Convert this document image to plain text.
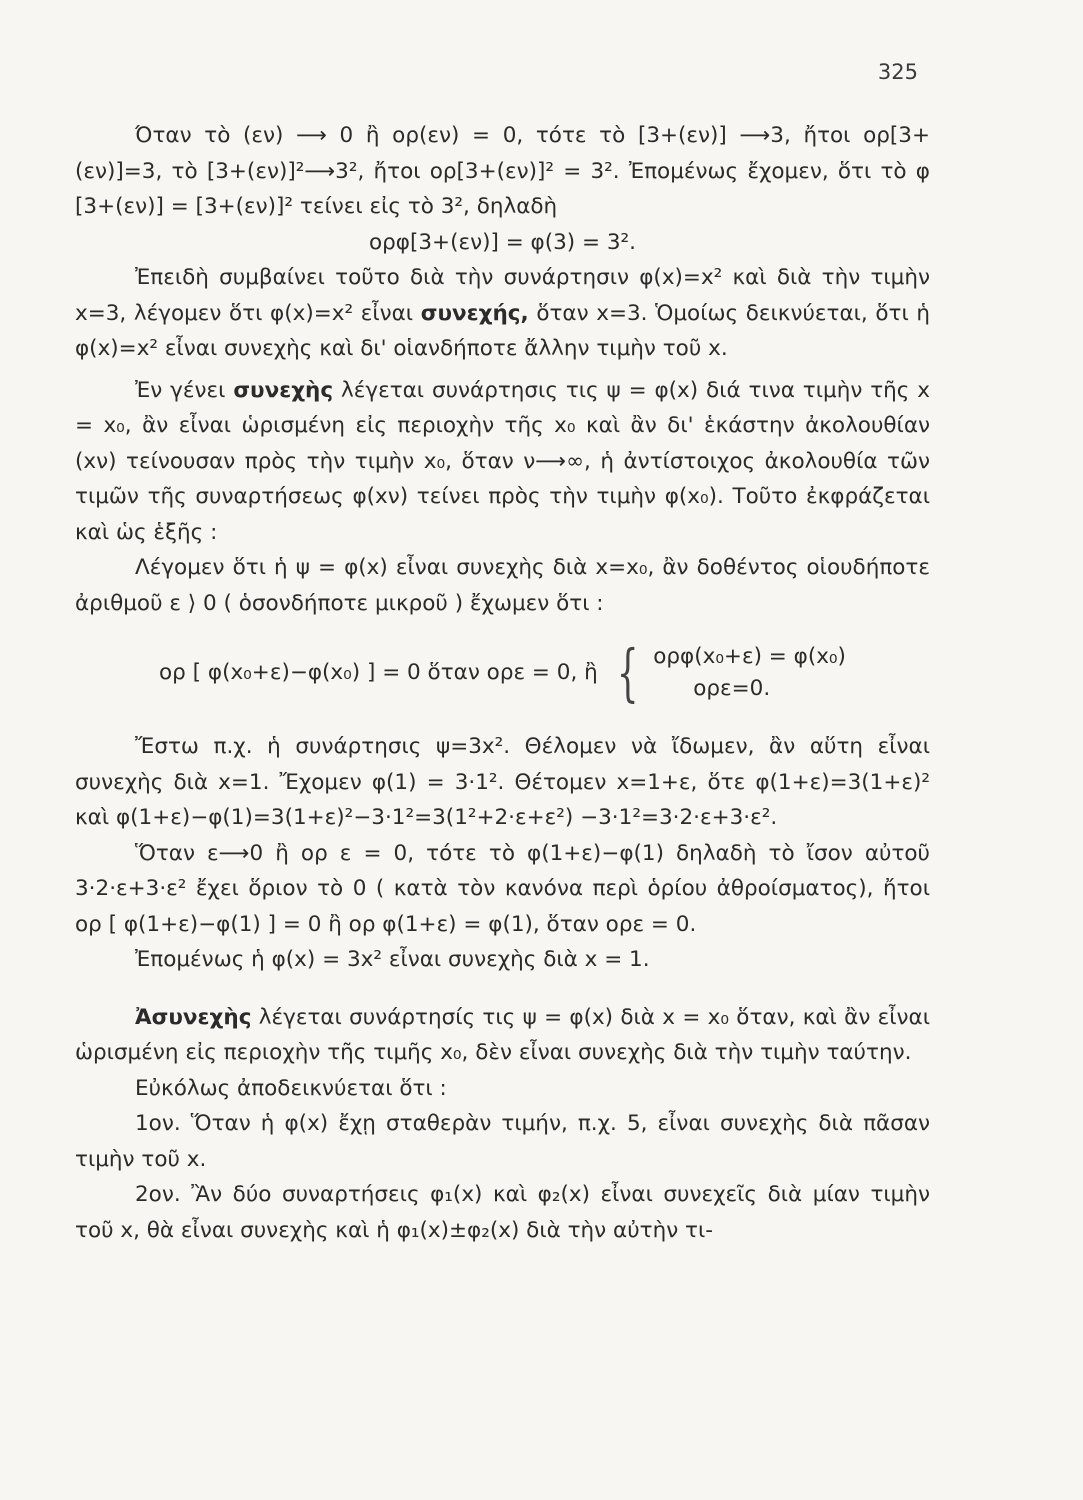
325

Όταν τὸ (εν) ⟶ 0 ἢ ορ(εν) = 0, τότε τὸ [3+(εν)] ⟶3, ἤτοι ορ[3+(εν)]=3, τὸ [3+(εν)]²⟶3², ἤτοι ορ[3+(εν)]² = 3². Ἐπομένως ἔχομεν, ὅτι τὸ φ [3+(εν)] = [3+(εν)]² τείνει εἰς τὸ 3², δηλαδὴ

ορφ[3+(εν)] = φ(3) = 3².

Ἐπειδὴ συμβαίνει τοῦτο διὰ τὴν συνάρτησιν φ(x)=x² καὶ διὰ τὴν τιμὴν x=3, λέγομεν ὅτι φ(x)=x² εἶναι συνεχής, ὅταν x=3. Ὁμοίως δεικνύεται, ὅτι ἡ φ(x)=x² εἶναι συνεχὴς καὶ δι' οἱανδήποτε ἄλλην τιμὴν τοῦ x.

Ἐν γένει συνεχὴς λέγεται συνάρτησις τις ψ = φ(x) διά τινα τιμὴν τῆς x = x₀, ἂν εἶναι ὡρισμένη εἰς περιοχὴν τῆς x₀ καὶ ἂν δι' ἑκάστην ἀκολουθίαν (xν) τείνουσαν πρὸς τὴν τιμὴν x₀, ὅταν ν⟶∞, ἡ ἀντίστοιχος ἀκολουθία τῶν τιμῶν τῆς συναρτήσεως φ(xν) τείνει πρὸς τὴν τιμὴν φ(x₀). Τοῦτο ἐκφράζεται καὶ ὡς ἑξῆς :

Λέγομεν ὅτι ἡ ψ = φ(x) εἶναι συνεχὴς διὰ x=x₀, ἂν δοθέντος οἱουδήποτε ἀριθμοῦ ε ⟩ 0 ( ὁσονδήποτε μικροῦ ) ἔχωμεν ὅτι :

ορ [ φ(x₀+ε)−φ(x₀) ] = 0 ὅταν ορε = 0, ἢ { ορφ(x₀+ε) = φ(x₀)
ορε=0.

Ἔστω π.χ. ἡ συνάρτησις ψ=3x². Θέλομεν νὰ ἴδωμεν, ἂν αὕτη εἶναι συνεχὴς διὰ x=1. Ἔχομεν φ(1) = 3·1². Θέτομεν x=1+ε, ὅτε φ(1+ε)=3(1+ε)² καὶ φ(1+ε)−φ(1)=3(1+ε)²−3·1²=3(1²+2·ε+ε²) −3·1²=3·2·ε+3·ε².

Ὅταν ε⟶0 ἢ ορ ε = 0, τότε τὸ φ(1+ε)−φ(1) δηλαδὴ τὸ ἴσον αὐτοῦ 3·2·ε+3·ε² ἔχει ὅριον τὸ 0 ( κατὰ τὸν κανόνα περὶ ὁρίου ἀθροίσματος), ἤτοι ορ [ φ(1+ε)−φ(1) ] = 0 ἢ ορ φ(1+ε) = φ(1), ὅταν ορε = 0.

Ἐπομένως ἡ φ(x) = 3x² εἶναι συνεχὴς διὰ x = 1.

Ἀσυνεχὴς λέγεται συνάρτησίς τις ψ = φ(x) διὰ x = x₀ ὅταν, καὶ ἂν εἶναι ὡρισμένη εἰς περιοχὴν τῆς τιμῆς x₀, δὲν εἶναι συνεχὴς διὰ τὴν τιμὴν ταύτην.

Εὐκόλως ἀποδεικνύεται ὅτι :

1ον. Ὅταν ἡ φ(x) ἔχῃ σταθερὰν τιμήν, π.χ. 5, εἶναι συνεχὴς διὰ πᾶσαν τιμὴν τοῦ x.

2ον. Ἂν δύο συναρτήσεις φ₁(x) καὶ φ₂(x) εἶναι συνεχεῖς διὰ μίαν τιμὴν τοῦ x, θὰ εἶναι συνεχὴς καὶ ἡ φ₁(x)±φ₂(x) διὰ τὴν αὐτὴν τι-
